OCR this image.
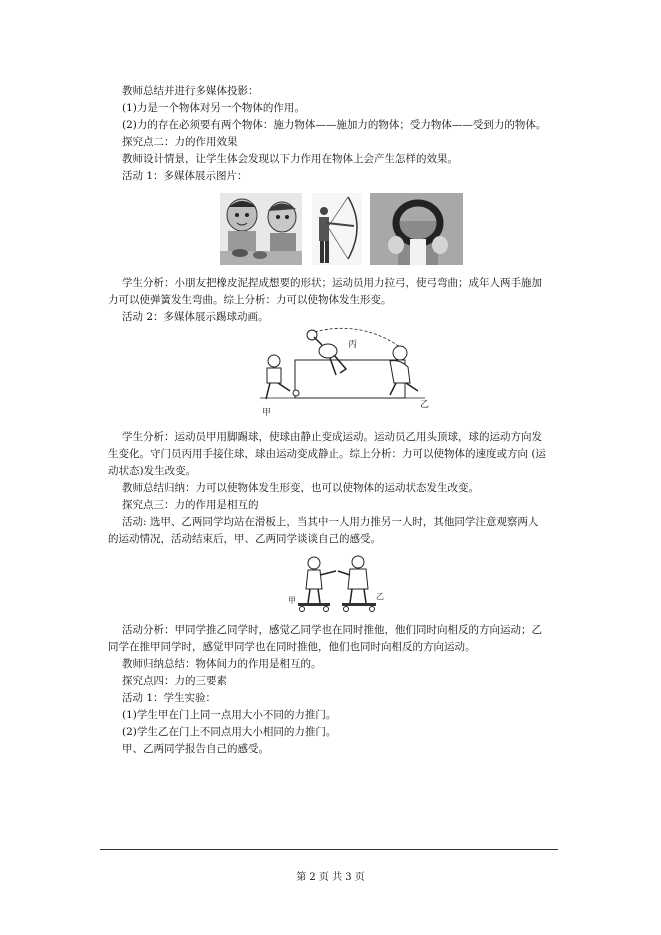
教师总结并进行多媒体投影：
(1)力是一个物体对另一个物体的作用。
(2)力的存在必须要有两个物体：施力物体——施加力的物体；受力物体——受到力的物体。
探究点二：力的作用效果
教师设计情景，让学生体会发现以下力作用在物体上会产生怎样的效果。
活动 1：多媒体展示图片：
学生分析：小朋友把橡皮泥捏成想要的形状；运动员用力拉弓，使弓弯曲；成年人两手施加
力可以使弹簧发生弯曲。综上分析：力可以使物体发生形变。
活动 2：多媒体展示踢球动画。
甲
乙
丙
学生分析：运动员甲用脚踢球，使球由静止变成运动。运动员乙用头顶球，球的运动方向发
生变化。守门员丙用手接住球，球由运动变成静止。综上分析：力可以使物体的速度或方向 (运
动状态)发生改变。
教师总结归纳：力可以使物体发生形变，也可以使物体的运动状态发生改变。
探究点三：力的作用是相互的
活动: 选甲、乙两同学均站在滑板上，当其中一人用力推另一人时，其他同学注意观察两人
的运动情况，活动结束后，甲、乙两同学谈谈自己的感受。
甲	乙
活动分析：甲同学推乙同学时，感觉乙同学也在同时推他，他们同时向相反的方向运动；乙
同学在推甲同学时，感觉甲同学也在同时推他，他们也同时向相反的方向运动。
教师归纳总结：物体间力的作用是相互的。
探究点四：力的三要素
活动 1：学生实验：
(1)学生甲在门上同一点用大小不同的力推门。
(2)学生乙在门上不同点用大小相同的力推门。
甲、乙两同学报告自己的感受。
第 2 页 共 3 页
